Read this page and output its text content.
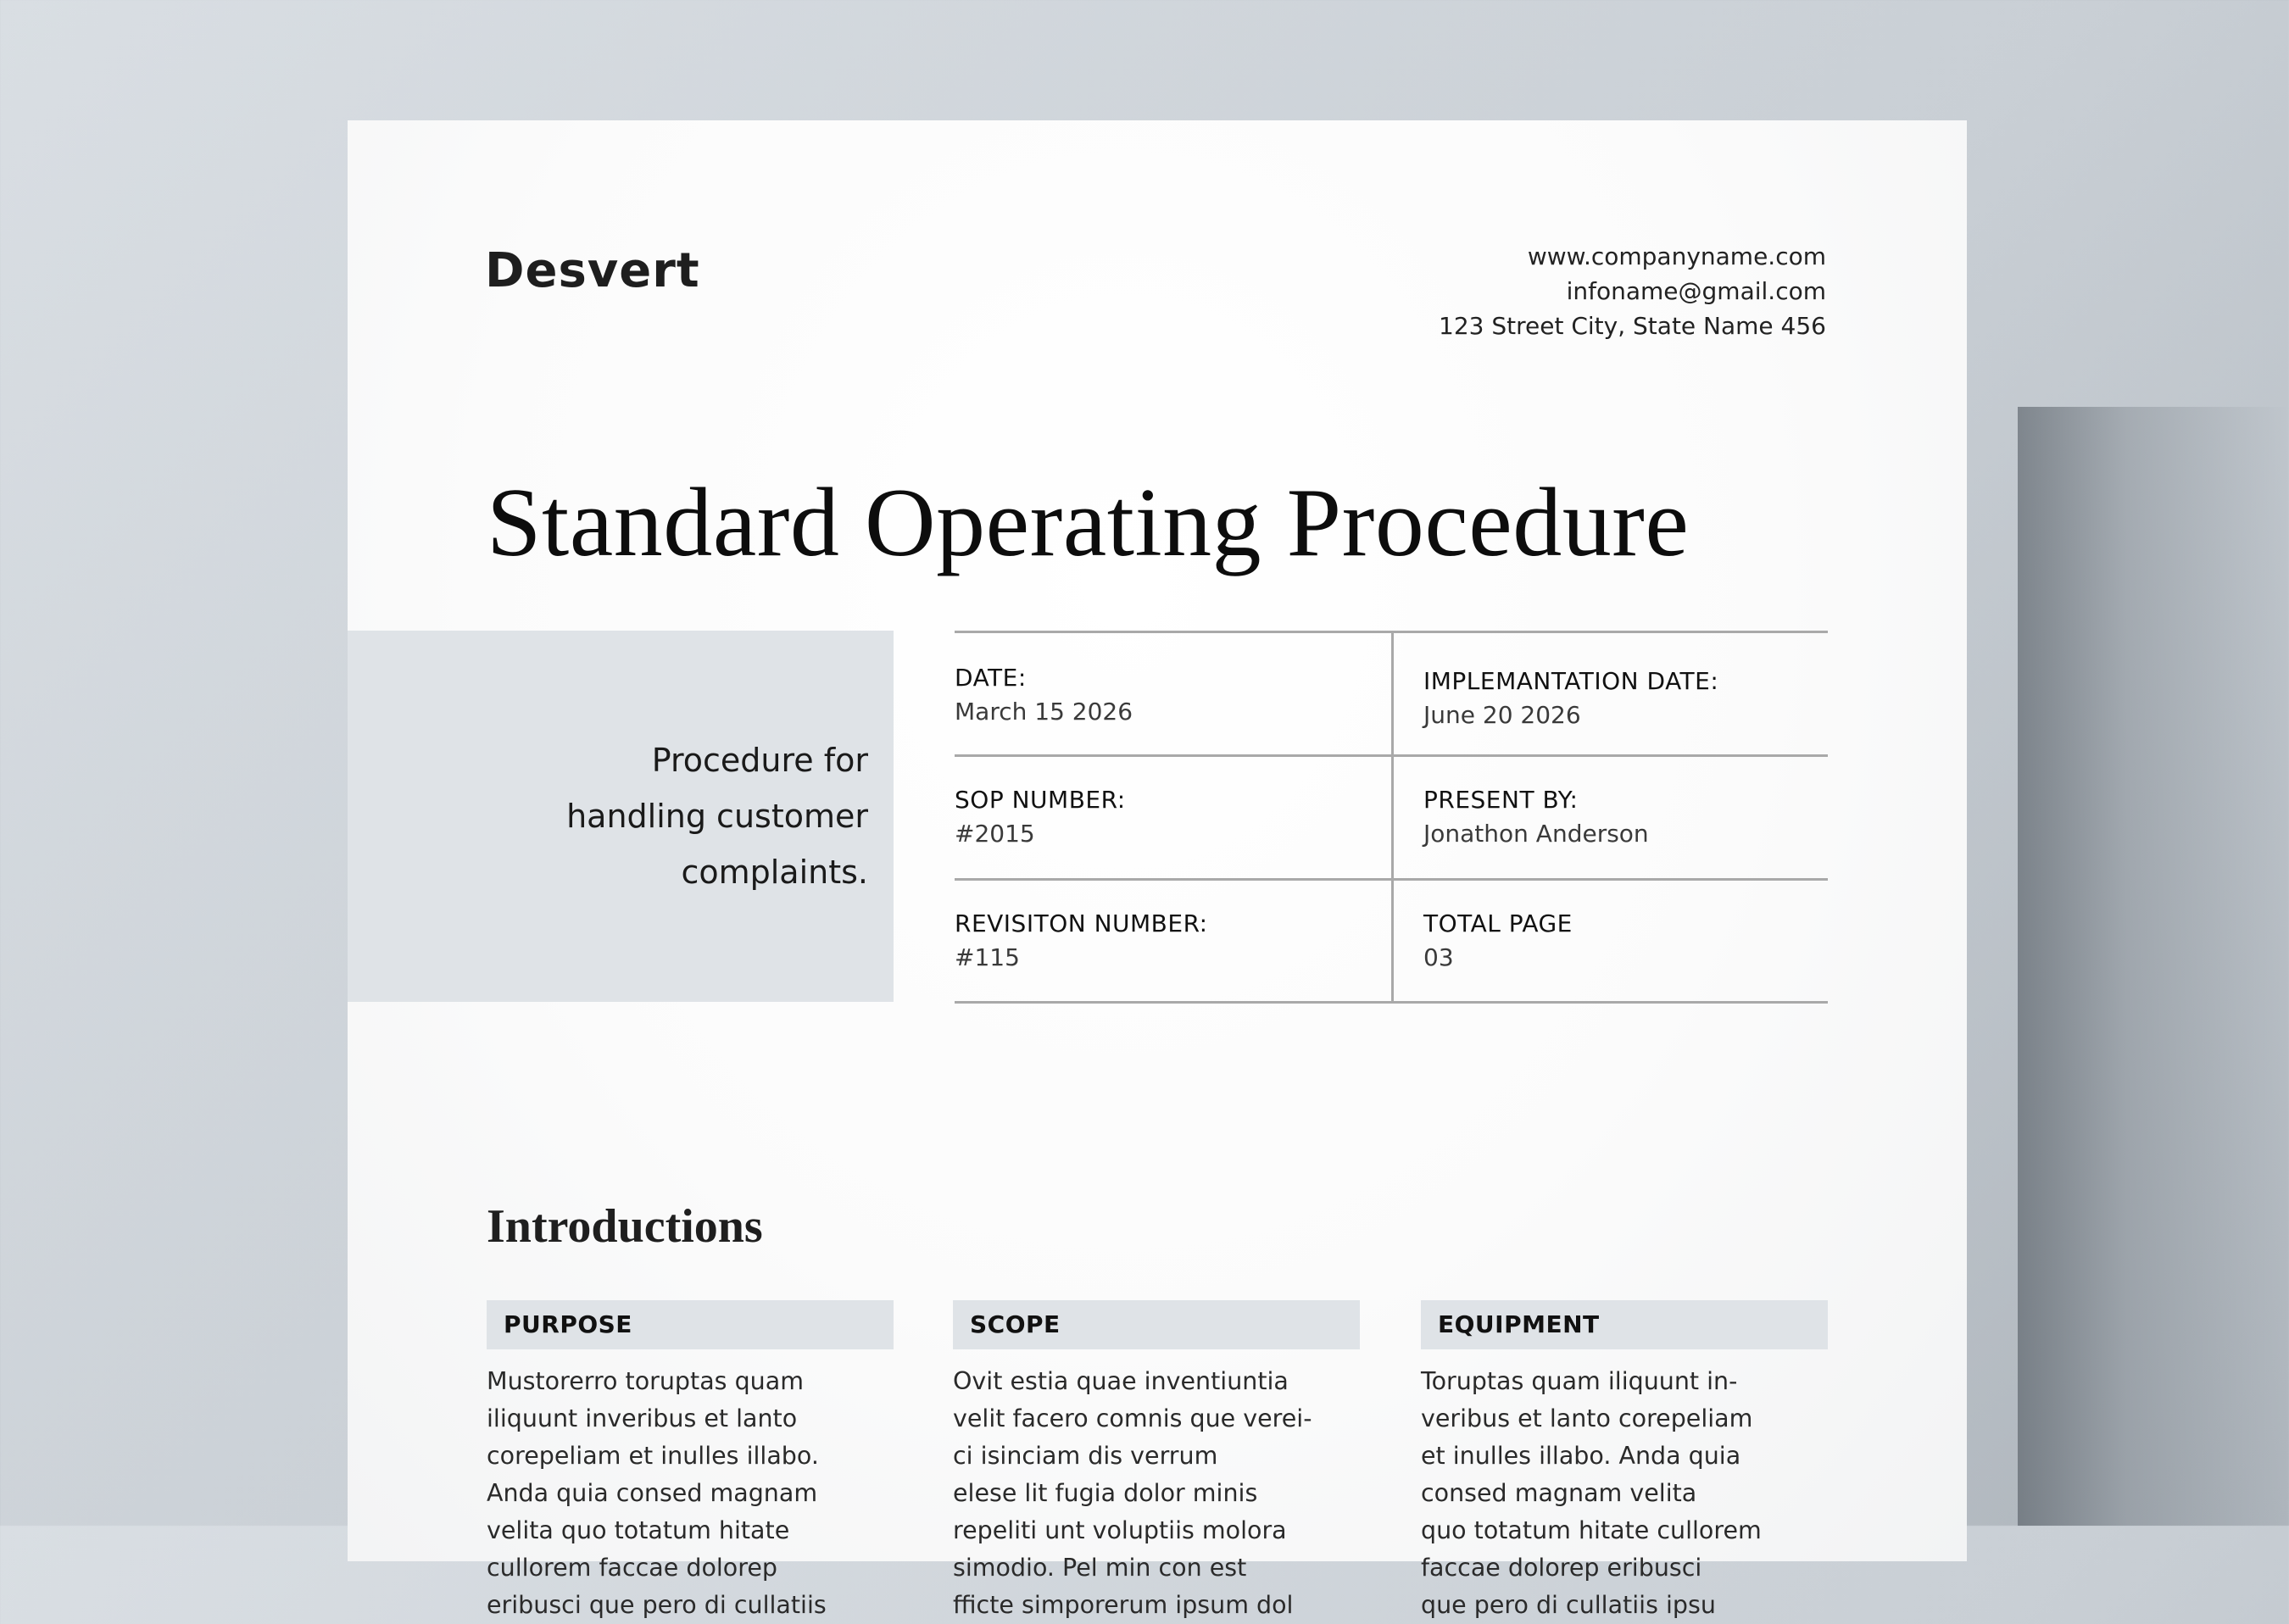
Desvert	www.companyname.com
infoname@gmail.com
123 Street City, State Name 456
Standard Operating Procedure
Procedure for
handling customer
complaints.
DATE:
March 15 2026
IMPLEMANTATION DATE:
June 20 2026
SOP NUMBER:
#2015
PRESENT BY:
Jonathon Anderson
REVISITON NUMBER:
#115
TOTAL PAGE
03
Introductions
PURPOSE
Mustorerro toruptas quam
iliquunt inveribus et lanto
corepeliam et inulles illabo.
Anda quia consed magnam
velita quo totatum hitate
cullorem faccae dolorep
eribusci que pero di cullatiis
SCOPE
Ovit estia quae inventiuntia
velit facero comnis que verei-
ci isinciam dis verrum
elese lit fugia dolor minis
repeliti unt voluptiis molora
simodio. Pel min con est
fficte simporerum ipsum dol
EQUIPMENT
Toruptas quam iliquunt in-
veribus et lanto corepeliam
et inulles illabo. Anda quia
consed magnam velita
quo totatum hitate cullorem
faccae dolorep eribusci
que pero di cullatiis ipsu
